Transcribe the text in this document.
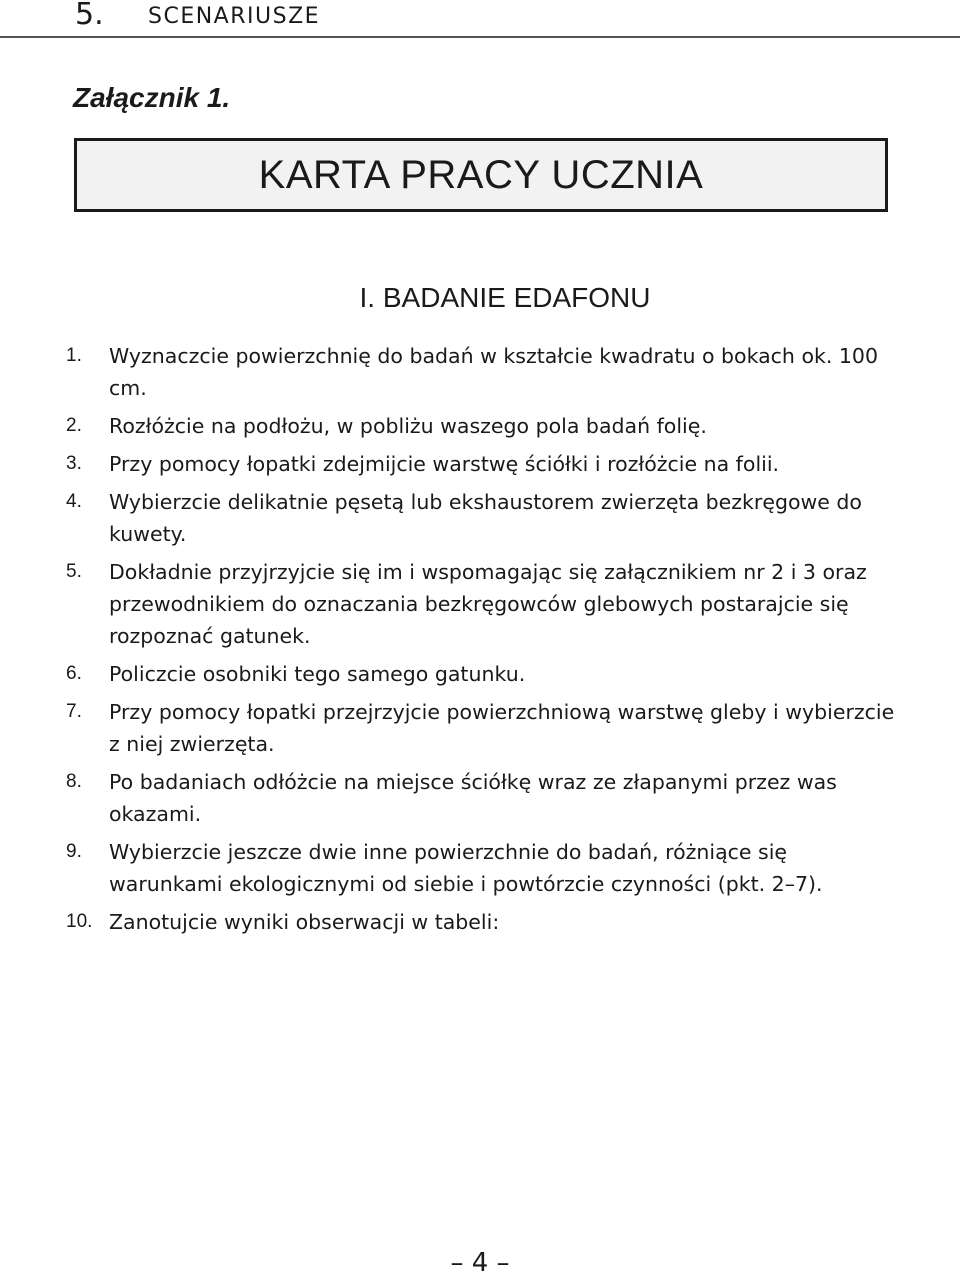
5. SCENARIUSZE
Załącznik 1.
KARTA PRACY UCZNIA
I. BADANIE EDAFONU
1.	Wyznaczcie powierzchnię do badań w kształcie kwadratu o bokach ok. 100 cm.
2.	Rozłóżcie na podłożu, w pobliżu waszego pola badań folię.
3.	Przy pomocy łopatki zdejmijcie warstwę ściółki i rozłóżcie na folii.
4.	Wybierzcie delikatnie pęsetą lub ekshaustorem zwierzęta bezkręgowe do kuwety.
5.	Dokładnie przyjrzyjcie się im i wspomagając się załącznikiem nr 2 i 3 oraz przewodnikiem do oznaczania bezkręgowców glebowych postarajcie się rozpoznać gatunek.
6.	Policzcie osobniki tego samego gatunku.
7.	Przy pomocy łopatki przejrzyjcie powierzchniową warstwę gleby i wybierzcie z niej zwierzęta.
8.	Po badaniach odłóżcie na miejsce ściółkę wraz ze złapanymi przez was okazami.
9.	Wybierzcie jeszcze dwie inne powierzchnie do badań, różniące się warunkami ekologicznymi od siebie i powtórzcie czynności (pkt. 2–7).
10. Zanotujcie wyniki obserwacji w tabeli:
– 4 –
